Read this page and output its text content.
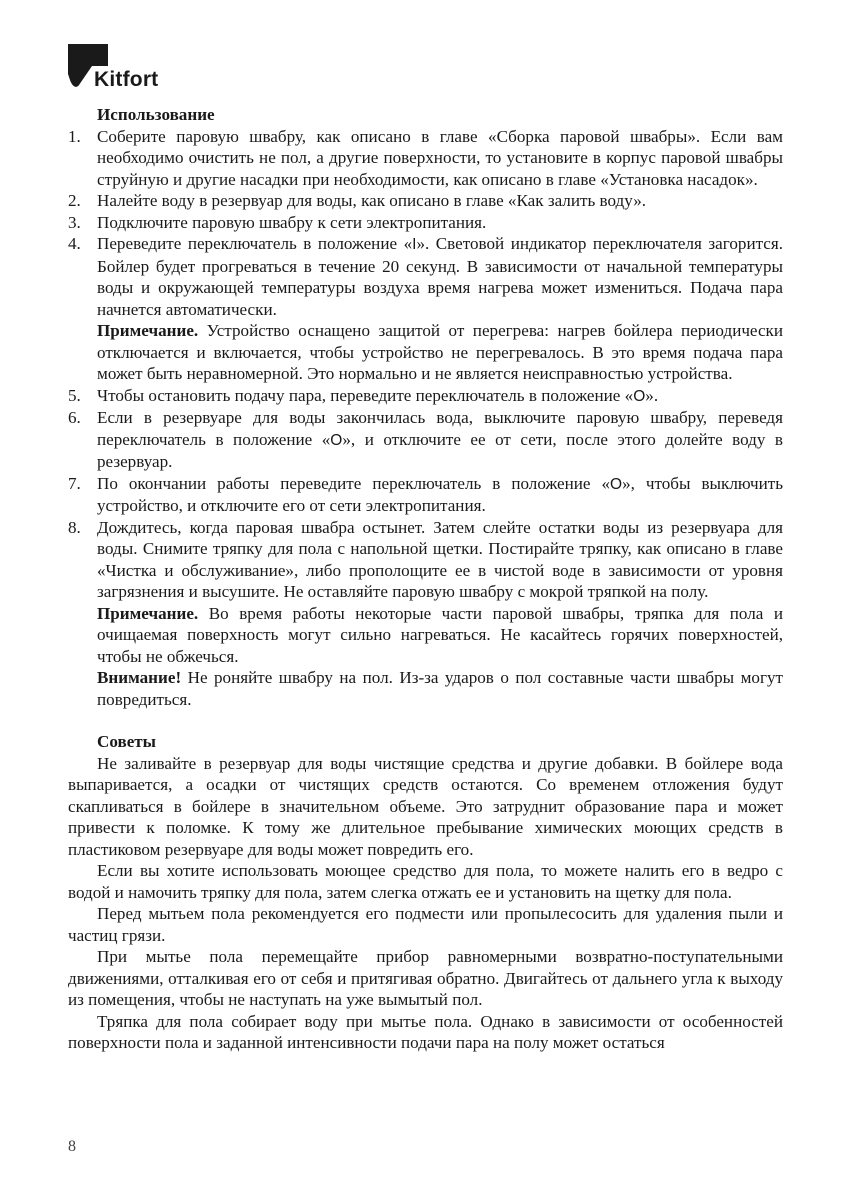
Kitfort
Использование
1. Соберите паровую швабру, как описано в главе «Сборка паровой швабры». Если вам необходимо очистить не пол, а другие поверхности, то установите в корпус паровой швабры струйную и другие насадки при необходимости, как описано в главе «Установка насадок».
2. Налейте воду в резервуар для воды, как описано в главе «Как залить воду».
3. Подключите паровую швабру к сети электропитания.
4. Переведите переключатель в положение «I». Световой индикатор переключателя загорится. Бойлер будет прогреваться в течение 20 секунд. В зависимости от начальной температуры воды и окружающей температуры воздуха время нагрева может измениться. Подача пара начнется автоматически.
Примечание. Устройство оснащено защитой от перегрева: нагрев бойлера периодически отключается и включается, чтобы устройство не перегревалось. В это время подача пара может быть неравномерной. Это нормально и не является неисправностью устройства.
5. Чтобы остановить подачу пара, переведите переключатель в положение «O».
6. Если в резервуаре для воды закончилась вода, выключите паровую швабру, переведя переключатель в положение «O», и отключите ее от сети, после этого долейте воду в резервуар.
7. По окончании работы переведите переключатель в положение «O», чтобы выключить устройство, и отключите его от сети электропитания.
8. Дождитесь, когда паровая швабра остынет. Затем слейте остатки воды из резервуара для воды. Снимите тряпку для пола с напольной щетки. Постирайте тряпку, как описано в главе «Чистка и обслуживание», либо прополощите ее в чистой воде в зависимости от уровня загрязнения и высушите. Не оставляйте паровую швабру с мокрой тряпкой на полу.
Примечание. Во время работы некоторые части паровой швабры, тряпка для пола и очищаемая поверхность могут сильно нагреваться. Не касайтесь горячих поверхностей, чтобы не обжечься.
Внимание! Не роняйте швабру на пол. Из-за ударов о пол составные части швабры могут повредиться.
Советы
Не заливайте в резервуар для воды чистящие средства и другие добавки. В бойлере вода выпаривается, а осадки от чистящих средств остаются. Со временем отложения будут скапливаться в бойлере в значительном объеме. Это затруднит образование пара и может привести к поломке. К тому же длительное пребывание химических моющих средств в пластиковом резервуаре для воды может повредить его.
Если вы хотите использовать моющее средство для пола, то можете налить его в ведро с водой и намочить тряпку для пола, затем слегка отжать ее и установить на щетку для пола.
Перед мытьем пола рекомендуется его подмести или пропылесосить для удаления пыли и частиц грязи.
При мытье пола перемещайте прибор равномерными возвратно-поступательными движениями, отталкивая его от себя и притягивая обратно. Двигайтесь от дальнего угла к выходу из помещения, чтобы не наступать на уже вымытый пол.
Тряпка для пола собирает воду при мытье пола. Однако в зависимости от особенностей поверхности пола и заданной интенсивности подачи пара на полу может остаться
8
